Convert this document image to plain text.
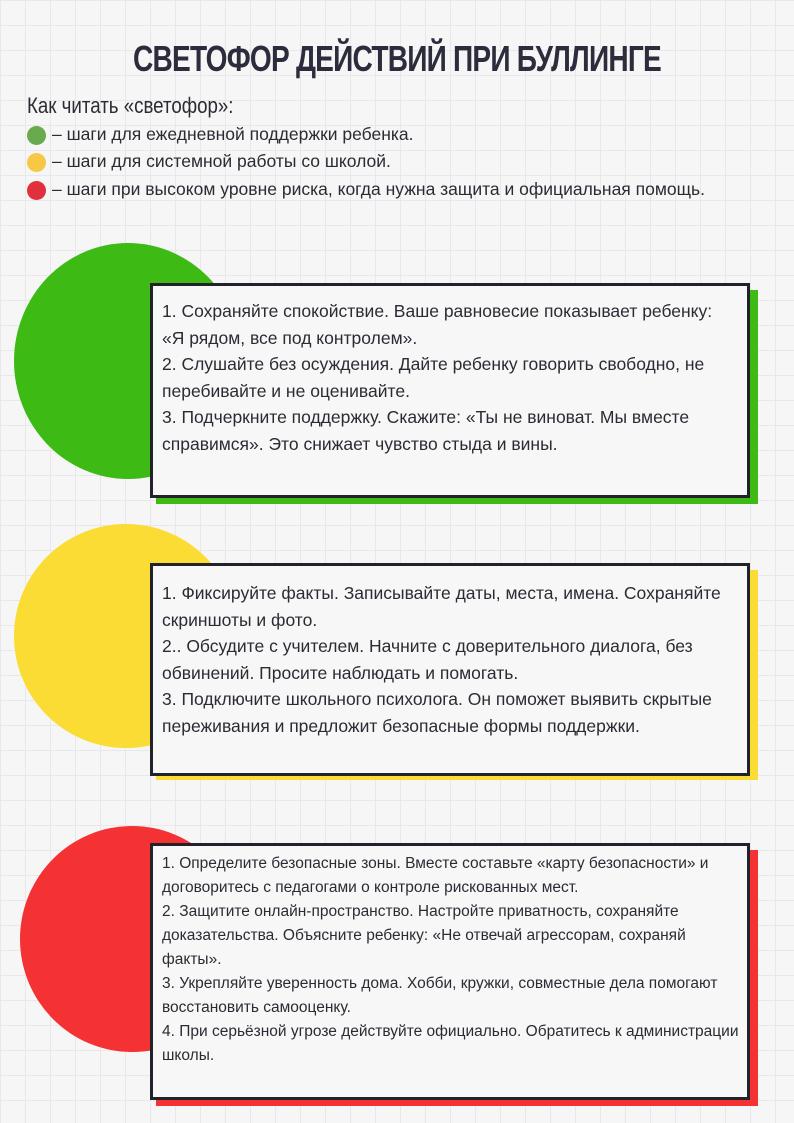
СВЕТОФОР ДЕЙСТВИЙ ПРИ БУЛЛИНГЕ
Как читать «светофор»:
– шаги для ежедневной поддержки ребенка.
– шаги для системной работы со школой.
– шаги при высоком уровне риска, когда нужна защита и официальная помощь.

1. Сохраняйте спокойствие. Ваше равновесие показывает ребенку: «Я рядом, все под контролем».

2. Слушайте без осуждения. Дайте ребенку говорить свободно, не перебивайте и не оценивайте.

3. Подчеркните поддержку. Скажите: «Ты не виноват. Мы вместе справимся». Это снижает чувство стыда и вины.

1. Фиксируйте факты. Записывайте даты, места, имена. Сохраняйте скриншоты и фото.

2.. Обсудите с учителем. Начните с доверительного диалога, без обвинений. Просите наблюдать и помогать.

3. Подключите школьного психолога. Он поможет выявить скрытые переживания и предложит безопасные формы поддержки.

1. Определите безопасные зоны. Вместе составьте «карту безопасности» и договоритесь с педагогами о контроле рискованных мест.

2. Защитите онлайн-пространство. Настройте приватность, сохраняйте доказательства. Объясните ребенку: «Не отвечай агрессорам, сохраняй факты».

3. Укрепляйте уверенность дома. Хобби, кружки, совместные дела помогают восстановить самооценку.

4. При серьёзной угрозе действуйте официально. Обратитесь к администрации школы.
